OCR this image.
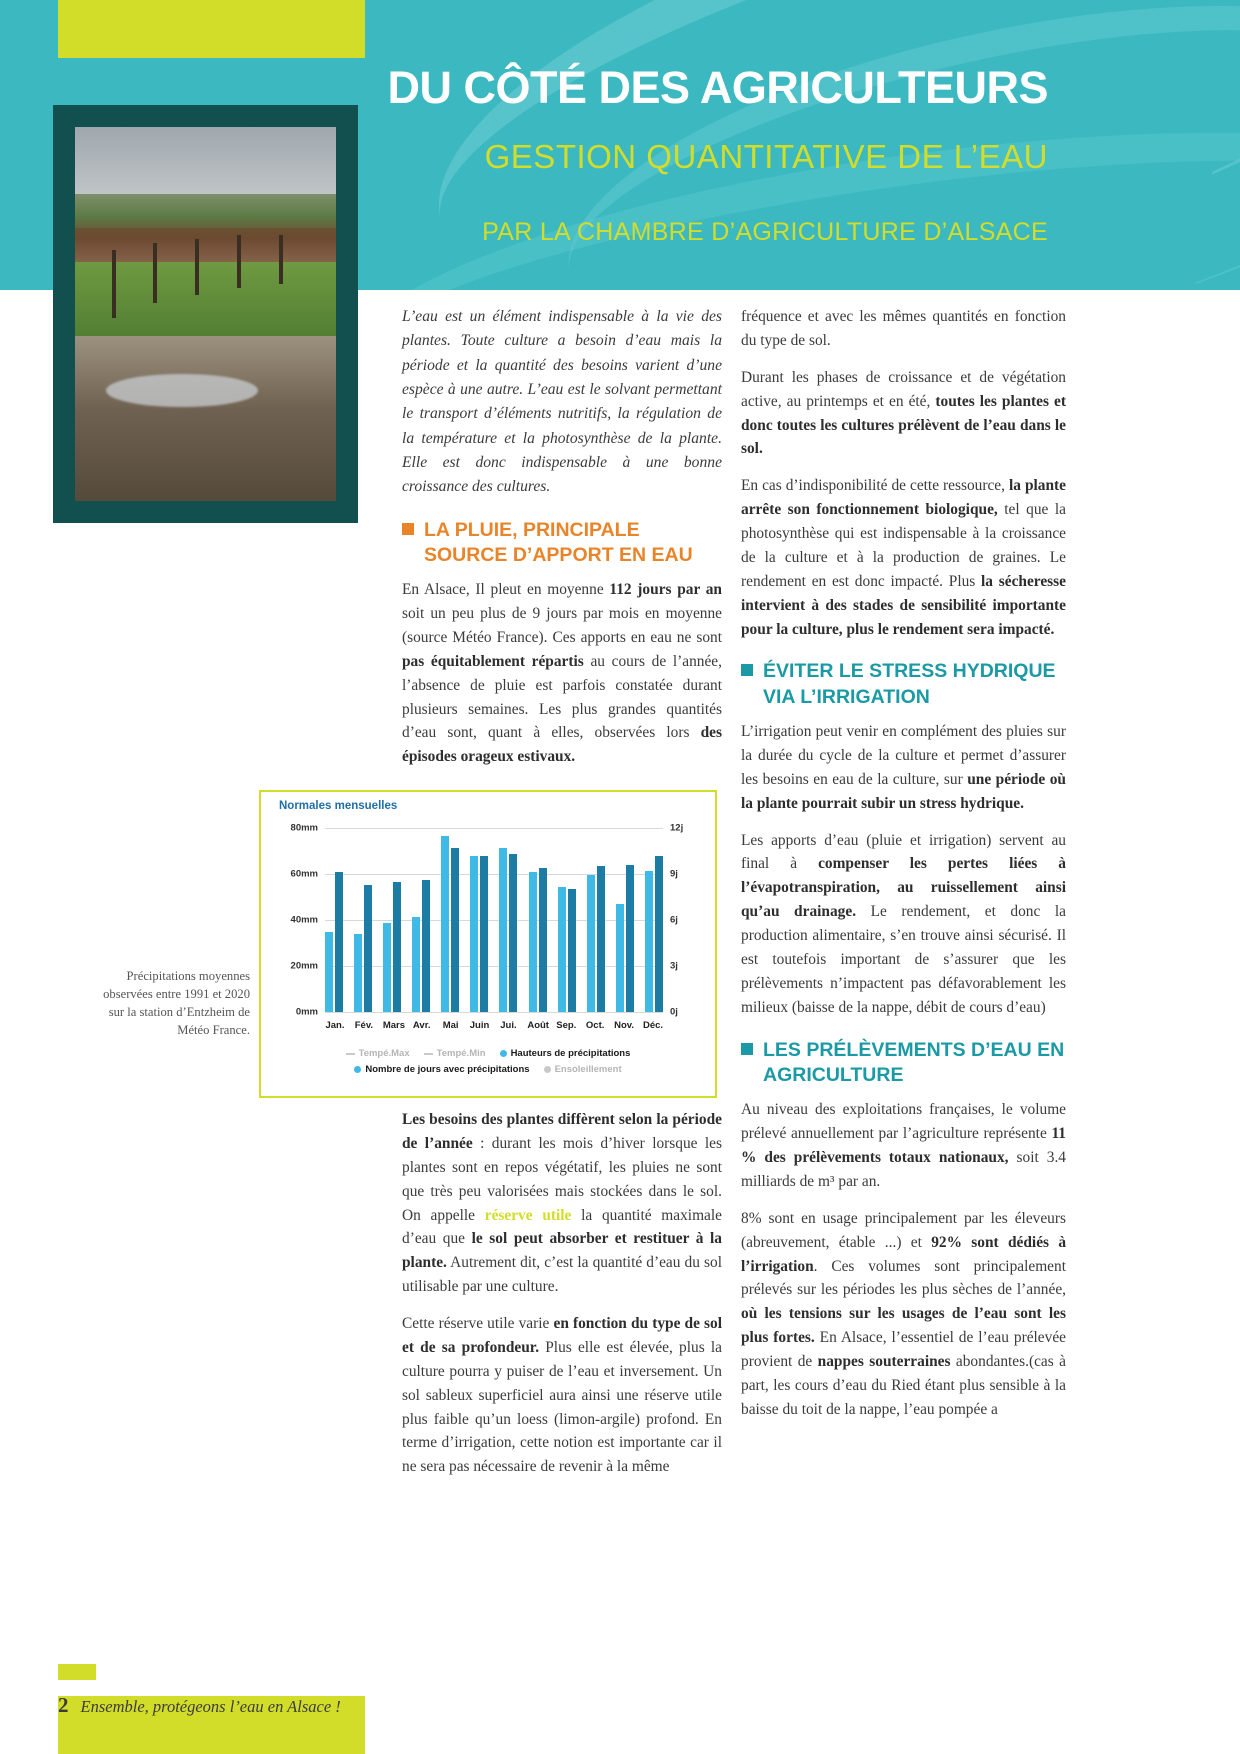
DU CÔTÉ DES AGRICULTEURS
GESTION QUANTITATIVE DE L’EAU
PAR LA CHAMBRE D’AGRICULTURE D’ALSACE

L’eau est un élément indispensable à la vie des plantes. Toute culture a besoin d’eau mais la période et la quantité des besoins varient d’une espèce à une autre. L’eau est le solvant permettant le transport d’éléments nutritifs, la régulation de la température et la photosynthèse de la plante. Elle est donc indispensable à une bonne croissance des cultures.

LA PLUIE, PRINCIPALE SOURCE D’APPORT EN EAU

En Alsace, Il pleut en moyenne 112 jours par an soit un peu plus de 9 jours par mois en moyenne (source Météo France). Ces apports en eau ne sont pas équitablement répartis au cours de l’année, l’absence de pluie est parfois constatée durant plusieurs semaines. Les plus grandes quantités d’eau sont, quant à elles, observées lors des épisodes orageux estivaux.

Précipitations moyennes observées entre 1991 et 2020 sur la station d’Entzheim de Météo France.
Normales mensuelles
0mm	0j
20mm	3j
40mm	6j
60mm	9j
80mm	12j
Jan. Fév. Mars Avr. Mai Juin Jui. Août Sep. Oct. Nov. Déc.
Tempé.Max	Tempé.Min	Hauteurs de précipitations
Nombre de jours avec précipitations	Ensoleillement

Les besoins des plantes diffèrent selon la période de l’année : durant les mois d’hiver lorsque les plantes sont en repos végétatif, les pluies ne sont que très peu valorisées mais stockées dans le sol. On appelle réserve utile la quantité maximale d’eau que le sol peut absorber et restituer à la plante. Autrement dit, c’est la quantité d’eau du sol utilisable par une culture.

Cette réserve utile varie en fonction du type de sol et de sa profondeur. Plus elle est élevée, plus la culture pourra y puiser de l’eau et inversement. Un sol sableux superficiel aura ainsi une réserve utile plus faible qu’un loess (limon-argile) profond. En terme d’irrigation, cette notion est importante car il ne sera pas nécessaire de revenir à la même

fréquence et avec les mêmes quantités en fonction du type de sol.

Durant les phases de croissance et de végétation active, au printemps et en été, toutes les plantes et donc toutes les cultures prélèvent de l’eau dans le sol.

En cas d’indisponibilité de cette ressource, la plante arrête son fonctionnement biologique, tel que la photosynthèse qui est indispensable à la croissance de la culture et à la production de graines. Le rendement en est donc impacté. Plus la sécheresse intervient à des stades de sensibilité importante pour la culture, plus le rendement sera impacté.

ÉVITER LE STRESS HYDRIQUE VIA L’IRRIGATION

L’irrigation peut venir en complément des pluies sur la durée du cycle de la culture et permet d’assurer les besoins en eau de la culture, sur une période où la plante pourrait subir un stress hydrique.

Les apports d’eau (pluie et irrigation) servent au final à compenser les pertes liées à l’évapotranspiration, au ruissellement ainsi qu’au drainage. Le rendement, et donc la production alimentaire, s’en trouve ainsi sécurisé. Il est toutefois important de s’assurer que les prélèvements n’impactent pas défavorablement les milieux (baisse de la nappe, débit de cours d’eau)

LES PRÉLÈVEMENTS D’EAU EN AGRICULTURE

Au niveau des exploitations françaises, le volume prélevé annuellement par l’agriculture représente 11 % des prélèvements totaux nationaux, soit 3.4 milliards de m³ par an.

8% sont en usage principalement par les éleveurs (abreuvement, étable ...) et 92% sont dédiés à l’irrigation. Ces volumes sont principalement prélevés sur les périodes les plus sèches de l’année, où les tensions sur les usages de l’eau sont les plus fortes. En Alsace, l’essentiel de l’eau prélevée provient de nappes souterraines abondantes.(cas à part, les cours d’eau du Ried étant plus sensible à la baisse du toit de la nappe, l’eau pompée a

2 Ensemble, protégeons l’eau en Alsace !
